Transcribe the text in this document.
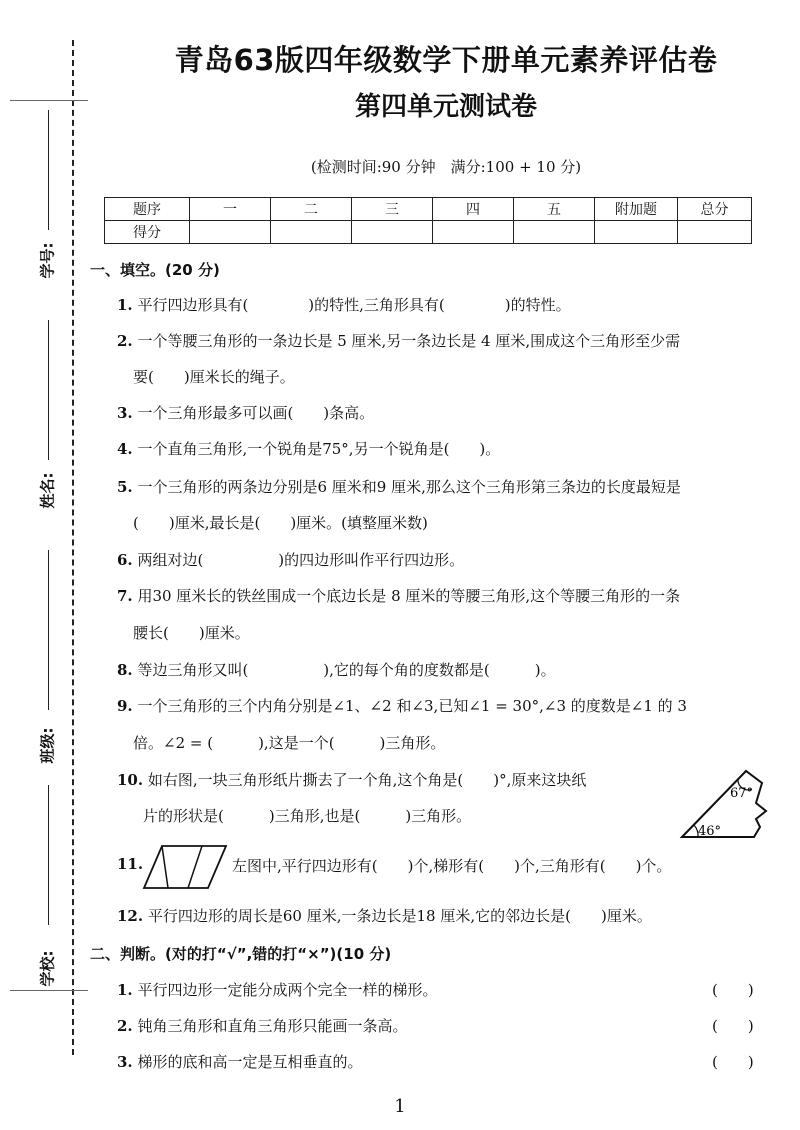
学号:
姓名:
班级:
学校:
青岛63版四年级数学下册单元素养评估卷
第四单元测试卷
(检测时间:90 分钟　满分:100 + 10 分)
题序	一	二	三	四	五	附加题	总分
得分							
一、填空。(20 分)
1. 平行四边形具有(　　　　)的特性,三角形具有(　　　　)的特性。
2. 一个等腰三角形的一条边长是 5 厘米,另一条边长是 4 厘米,围成这个三角形至少需
要(　　)厘米长的绳子。
3. 一个三角形最多可以画(　　)条高。
4. 一个直角三角形,一个锐角是75°,另一个锐角是(　　)。
5. 一个三角形的两条边分别是6 厘米和9 厘米,那么这个三角形第三条边的长度最短是
(　　)厘米,最长是(　　)厘米。(填整厘米数)
6. 两组对边(　　　　　)的四边形叫作平行四边形。
7. 用30 厘米长的铁丝围成一个底边长是 8 厘米的等腰三角形,这个等腰三角形的一条
腰长(　　)厘米。
8. 等边三角形又叫(　　　　　),它的每个角的度数都是(　　　)。
9. 一个三角形的三个内角分别是∠1、∠2 和∠3,已知∠1 = 30°,∠3 的度数是∠1 的 3
倍。∠2 = (　　　),这是一个(　　　)三角形。
10. 如右图,一块三角形纸片撕去了一个角,这个角是(　　)°,原来这块纸
片的形状是(　　　)三角形,也是(　　　)三角形。
67°
46°
11.	左图中,平行四边形有(　　)个,梯形有(　　)个,三角形有(　　)个。
12. 平行四边形的周长是60 厘米,一条边长是18 厘米,它的邻边长是(　　)厘米。
二、判断。(对的打“√”,错的打“×”)(10 分)
1. 平行四边形一定能分成两个完全一样的梯形。	(　　)
2. 钝角三角形和直角三角形只能画一条高。	(　　)
3. 梯形的底和高一定是互相垂直的。	(　　)
1
